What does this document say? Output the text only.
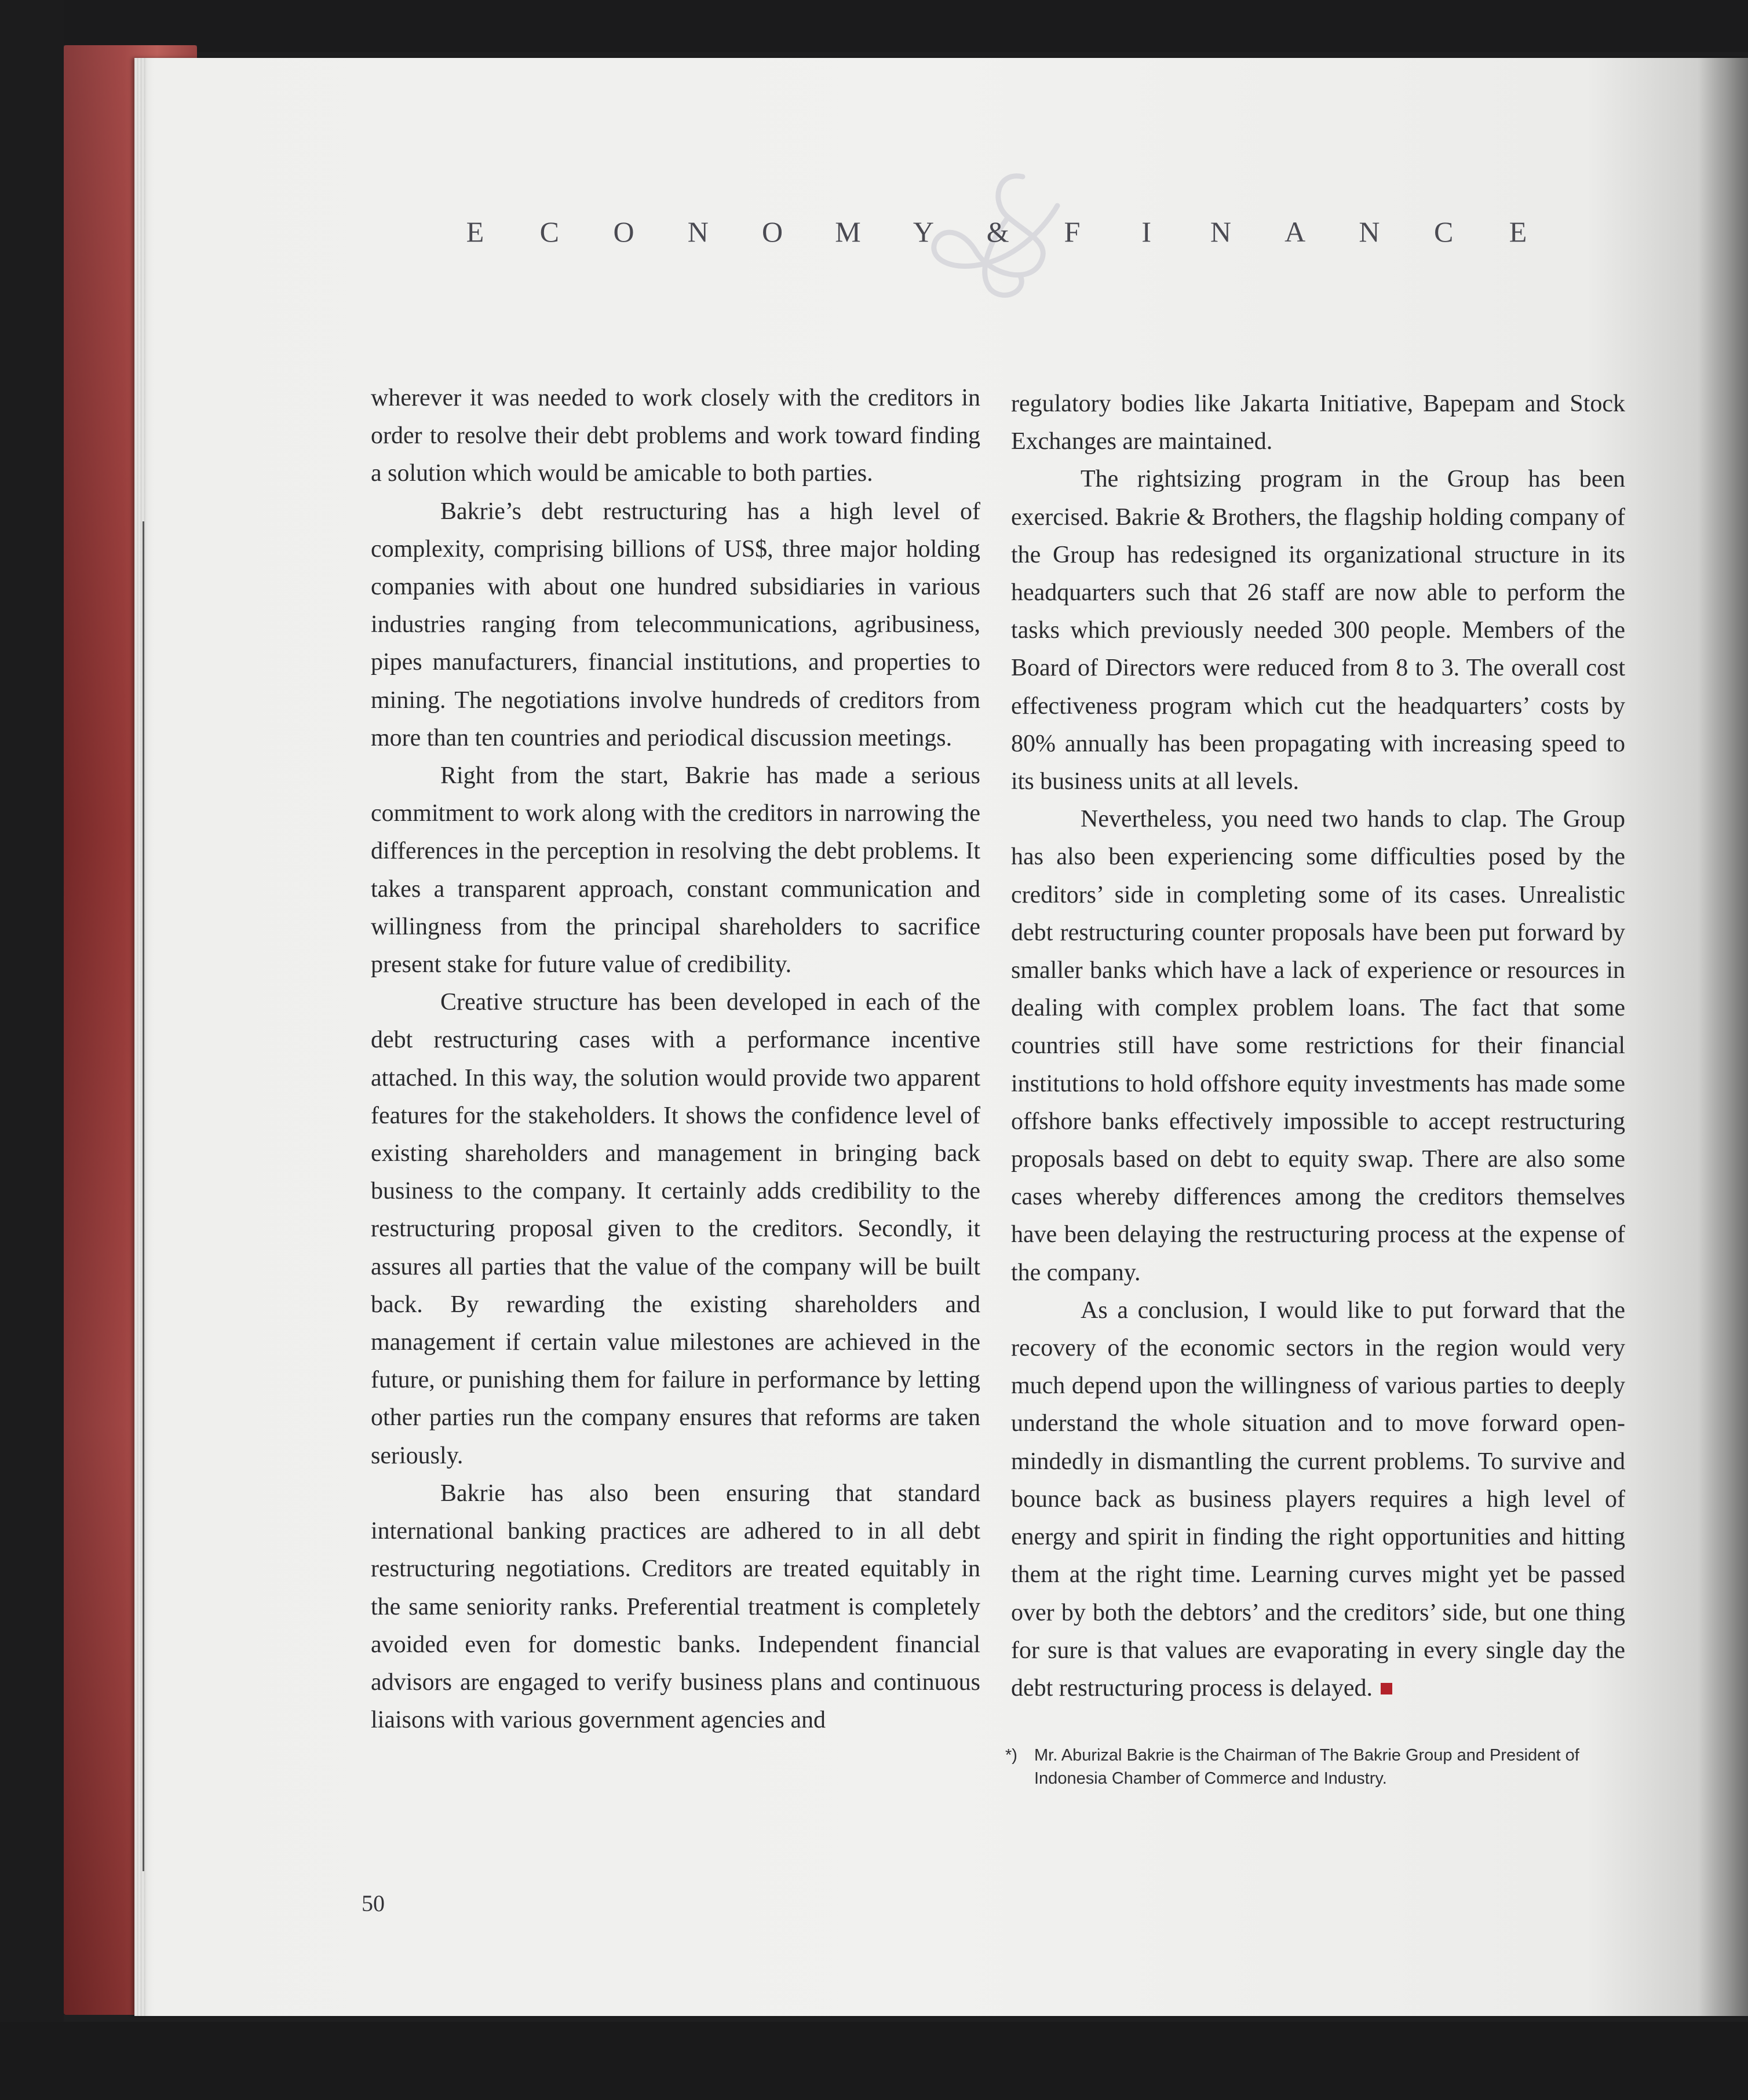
E C O N O M Y & F I N A N C E

wherever it was needed to work closely with the creditors in order to resolve their debt problems and work toward finding a solution which would be amicable to both parties.

Bakrie’s debt restructuring has a high level of complexity, comprising billions of US$, three major holding companies with about one hundred subsidiaries in various industries ranging from telecommunications, agribusiness, pipes manufacturers, financial institutions, and properties to mining. The negotiations involve hundreds of creditors from more than ten countries and periodical discussion meetings.

Right from the start, Bakrie has made a serious commitment to work along with the creditors in narrowing the differences in the perception in resolving the debt problems. It takes a transparent approach, constant communication and willingness from the principal shareholders to sacrifice present stake for future value of credibility.

Creative structure has been developed in each of the debt restructuring cases with a performance incentive attached. In this way, the solution would provide two apparent features for the stakeholders. It shows the confidence level of existing shareholders and management in bringing back business to the company. It certainly adds credibility to the restructuring proposal given to the creditors. Secondly, it assures all parties that the value of the company will be built back. By rewarding the existing shareholders and management if certain value milestones are achieved in the future, or punishing them for failure in performance by letting other parties run the company ensures that reforms are taken seriously.

Bakrie has also been ensuring that standard international banking practices are adhered to in all debt restructuring negotiations. Creditors are treated equitably in the same seniority ranks. Preferential treatment is completely avoided even for domestic banks. Independent financial advisors are engaged to verify business plans and continuous liaisons with various government agencies and

regulatory bodies like Jakarta Initiative, Bapepam and Stock Exchanges are maintained.

The rightsizing program in the Group has been exercised. Bakrie & Brothers, the flagship holding company of the Group has redesigned its organizational structure in its headquarters such that 26 staff are now able to perform the tasks which previously needed 300 people. Members of the Board of Directors were reduced from 8 to 3. The overall cost effectiveness program which cut the headquarters’ costs by 80% annually has been propagating with increasing speed to its business units at all levels.

Nevertheless, you need two hands to clap. The Group has also been experiencing some difficulties posed by the creditors’ side in completing some of its cases. Unrealistic debt restructuring counter proposals have been put forward by smaller banks which have a lack of experience or resources in dealing with complex problem loans. The fact that some countries still have some restrictions for their financial institutions to hold offshore equity investments has made some offshore banks effectively impossible to accept restructuring proposals based on debt to equity swap. There are also some cases whereby differences among the creditors themselves have been delaying the restructuring process at the expense of the company.

As a conclusion, I would like to put forward that the recovery of the economic sectors in the region would very much depend upon the willingness of various parties to deeply understand the whole situation and to move forward open-mindedly in dismantling the current problems. To survive and bounce back as business players requires a high level of energy and spirit in finding the right opportunities and hitting them at the right time. Learning curves might yet be passed over by both the debtors’ and the creditors’ side, but one thing for sure is that values are evaporating in every single day the debt restructuring process is delayed.

*)	Mr. Aburizal Bakrie is the Chairman of The Bakrie Group and President of Indonesia Chamber of Commerce and Industry.
50
